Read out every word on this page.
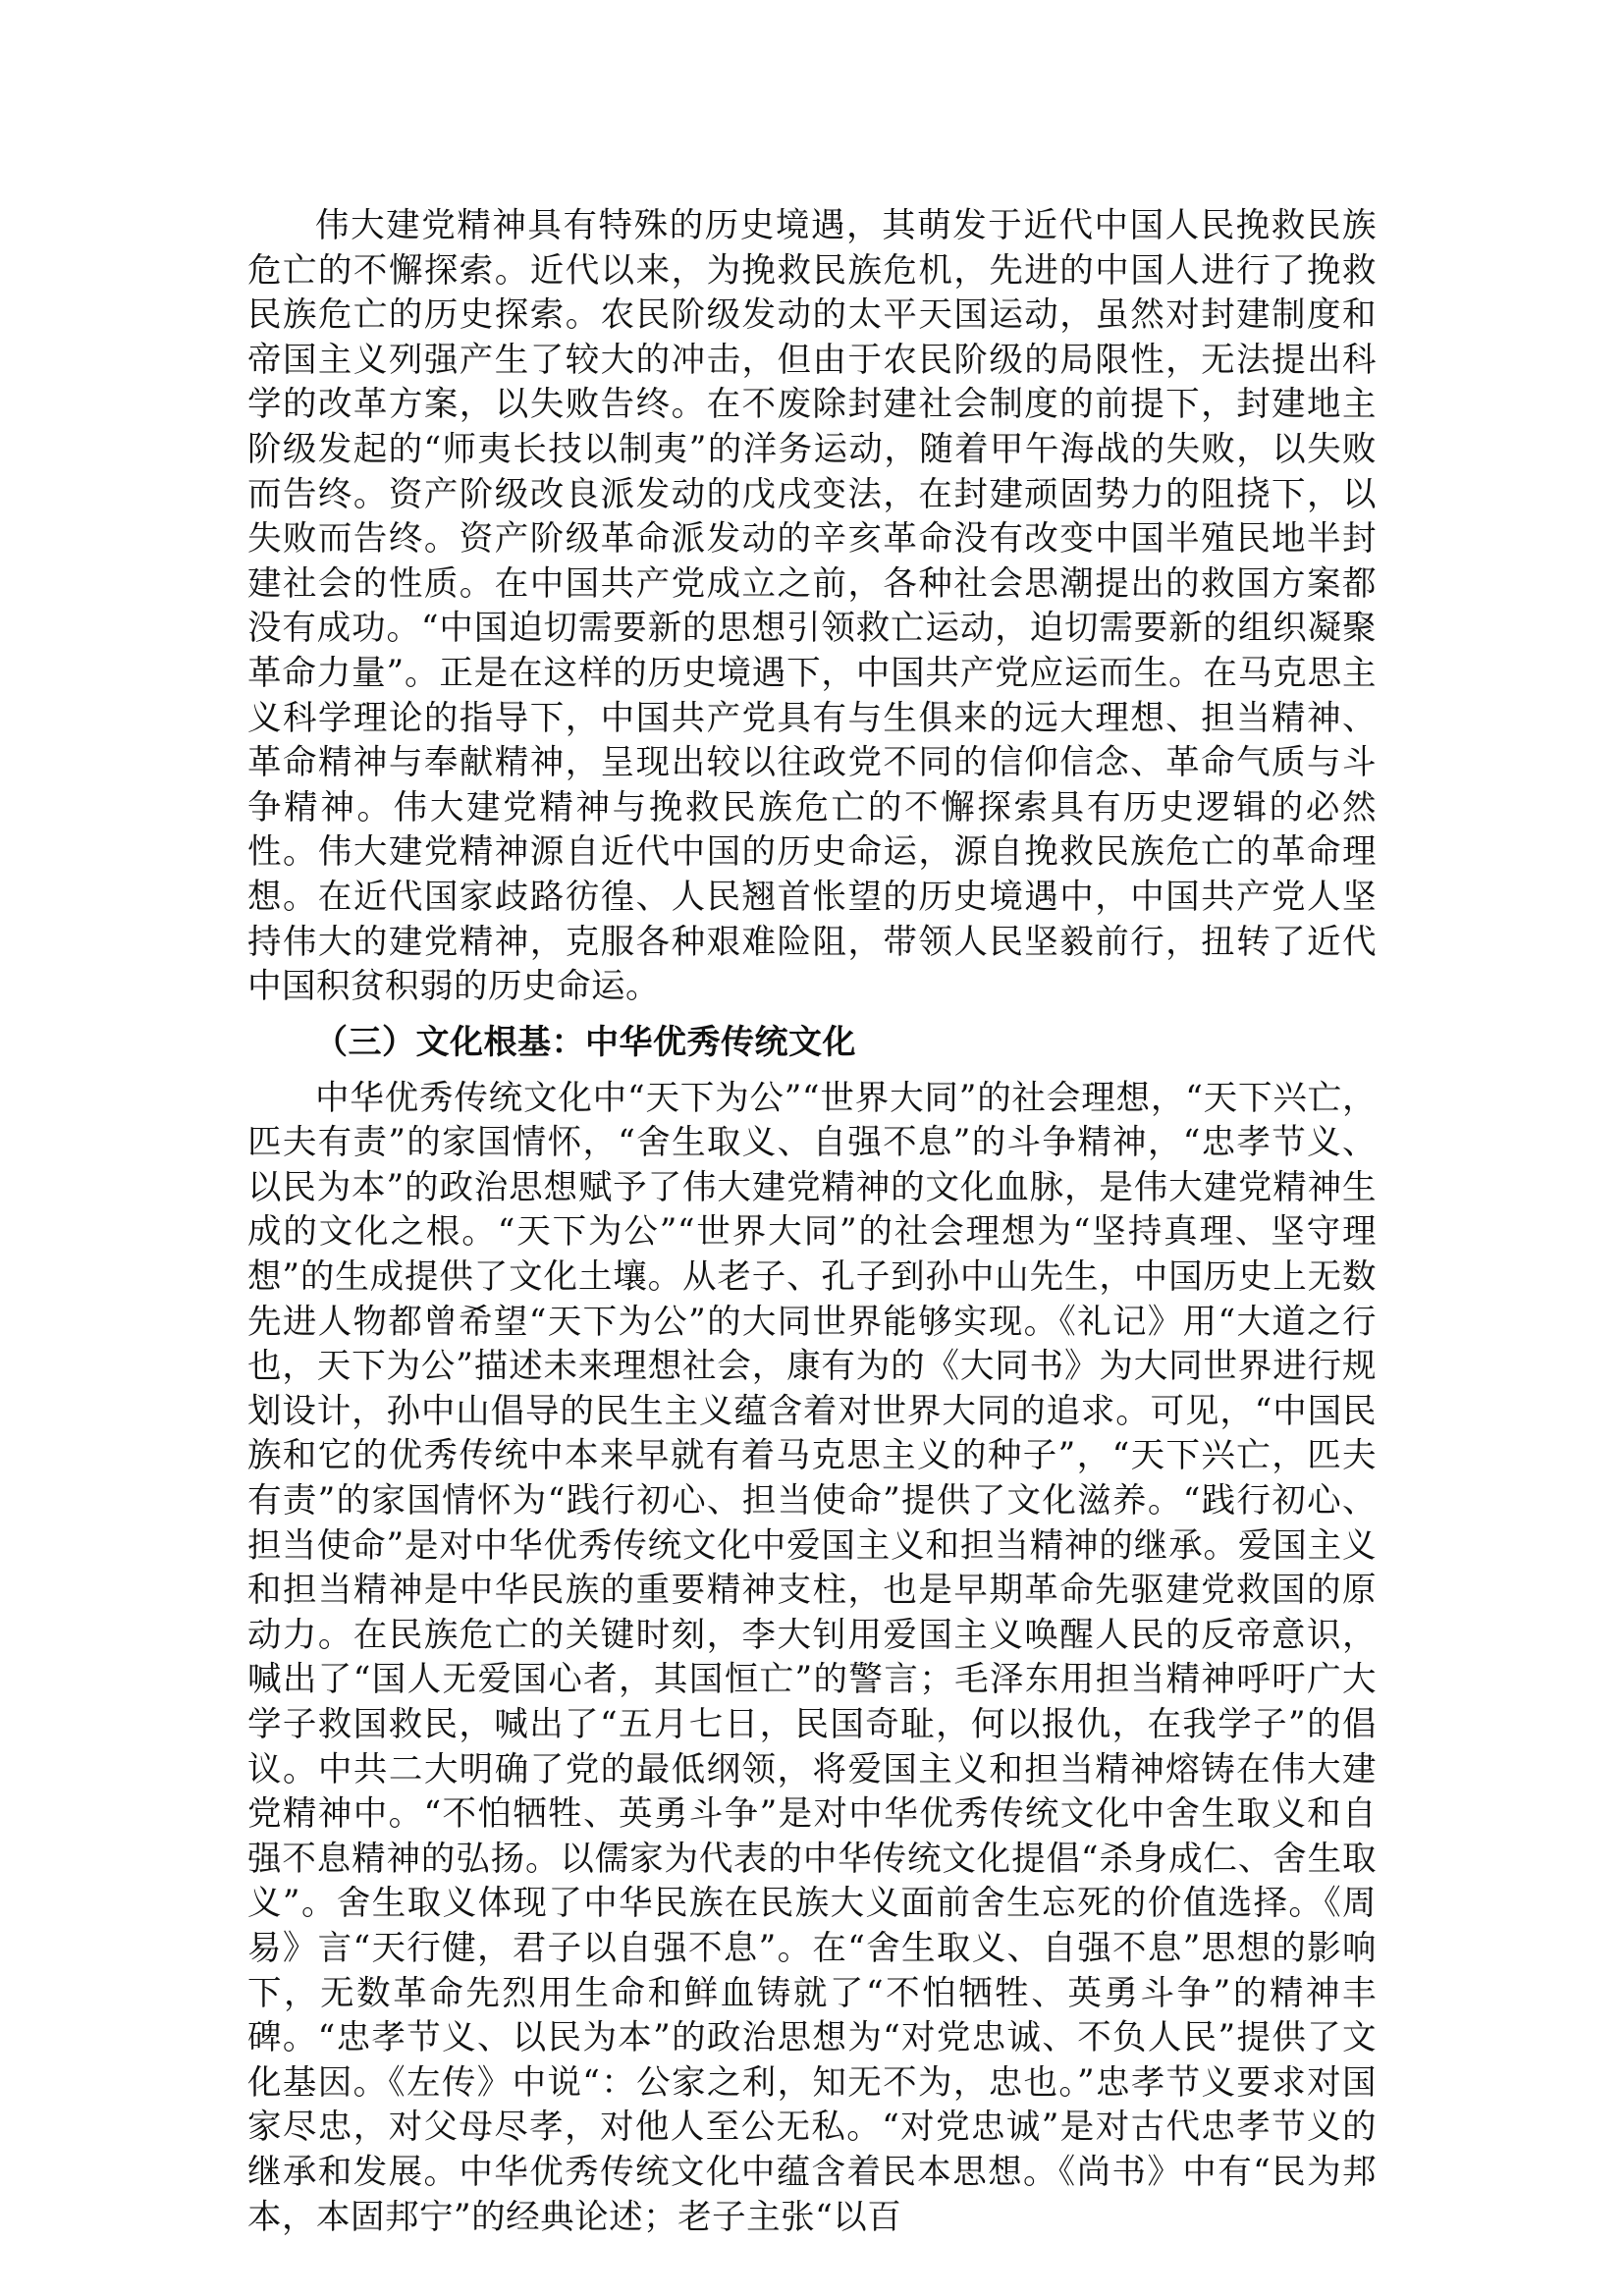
伟大建党精神具有特殊的历史境遇，其萌发于近代中国人民挽救民族危亡的不懈探索。近代以来，为挽救民族危机，先进的中国人进行了挽救民族危亡的历史探索。农民阶级发动的太平天国运动，虽然对封建制度和帝国主义列强产生了较大的冲击，但由于农民阶级的局限性，无法提出科学的改革方案，以失败告终。在不废除封建社会制度的前提下，封建地主阶级发起的“师夷长技以制夷”的洋务运动，随着甲午海战的失败，以失败而告终。资产阶级改良派发动的戊戌变法，在封建顽固势力的阻挠下，以失败而告终。资产阶级革命派发动的辛亥革命没有改变中国半殖民地半封建社会的性质。在中国共产党成立之前，各种社会思潮提出的救国方案都没有成功。“中国迫切需要新的思想引领救亡运动，迫切需要新的组织凝聚革命力量”。正是在这样的历史境遇下，中国共产党应运而生。在马克思主义科学理论的指导下，中国共产党具有与生俱来的远大理想、担当精神、革命精神与奉献精神，呈现出较以往政党不同的信仰信念、革命气质与斗争精神。伟大建党精神与挽救民族危亡的不懈探索具有历史逻辑的必然性。伟大建党精神源自近代中国的历史命运，源自挽救民族危亡的革命理想。在近代国家歧路彷徨、人民翘首怅望的历史境遇中，中国共产党人坚持伟大的建党精神，克服各种艰难险阻，带领人民坚毅前行，扭转了近代中国积贫积弱的历史命运。

（三）文化根基：中华优秀传统文化

中华优秀传统文化中“天下为公”“世界大同”的社会理想，“天下兴亡，匹夫有责”的家国情怀，“舍生取义、自强不息”的斗争精神，“忠孝节义、以民为本”的政治思想赋予了伟大建党精神的文化血脉，是伟大建党精神生成的文化之根。“天下为公”“世界大同”的社会理想为“坚持真理、坚守理想”的生成提供了文化土壤。从老子、孔子到孙中山先生，中国历史上无数先进人物都曾希望“天下为公”的大同世界能够实现。《礼记》用“大道之行也，天下为公”描述未来理想社会，康有为的《大同书》为大同世界进行规划设计，孙中山倡导的民生主义蕴含着对世界大同的追求。可见，“中国民族和它的优秀传统中本来早就有着马克思主义的种子”，“天下兴亡，匹夫有责”的家国情怀为“践行初心、担当使命”提供了文化滋养。“践行初心、担当使命”是对中华优秀传统文化中爱国主义和担当精神的继承。爱国主义和担当精神是中华民族的重要精神支柱，也是早期革命先驱建党救国的原动力。在民族危亡的关键时刻，李大钊用爱国主义唤醒人民的反帝意识，喊出了“国人无爱国心者，其国恒亡”的警言；毛泽东用担当精神呼吁广大学子救国救民，喊出了“五月七日，民国奇耻，何以报仇，在我学子”的倡议。中共二大明确了党的最低纲领，将爱国主义和担当精神熔铸在伟大建党精神中。“不怕牺牲、英勇斗争”是对中华优秀传统文化中舍生取义和自强不息精神的弘扬。以儒家为代表的中华传统文化提倡“杀身成仁、舍生取义”。舍生取义体现了中华民族在民族大义面前舍生忘死的价值选择。《周易》言“天行健，君子以自强不息”。在“舍生取义、自强不息”思想的影响下，无数革命先烈用生命和鲜血铸就了“不怕牺牲、英勇斗争”的精神丰碑。“忠孝节义、以民为本”的政治思想为“对党忠诚、不负人民”提供了文化基因。《左传》中说“：公家之利，知无不为，忠也。”忠孝节义要求对国家尽忠，对父母尽孝，对他人至公无私。“对党忠诚”是对古代忠孝节义的继承和发展。中华优秀传统文化中蕴含着民本思想。《尚书》中有“民为邦本，本固邦宁”的经典论述；老子主张“以百
